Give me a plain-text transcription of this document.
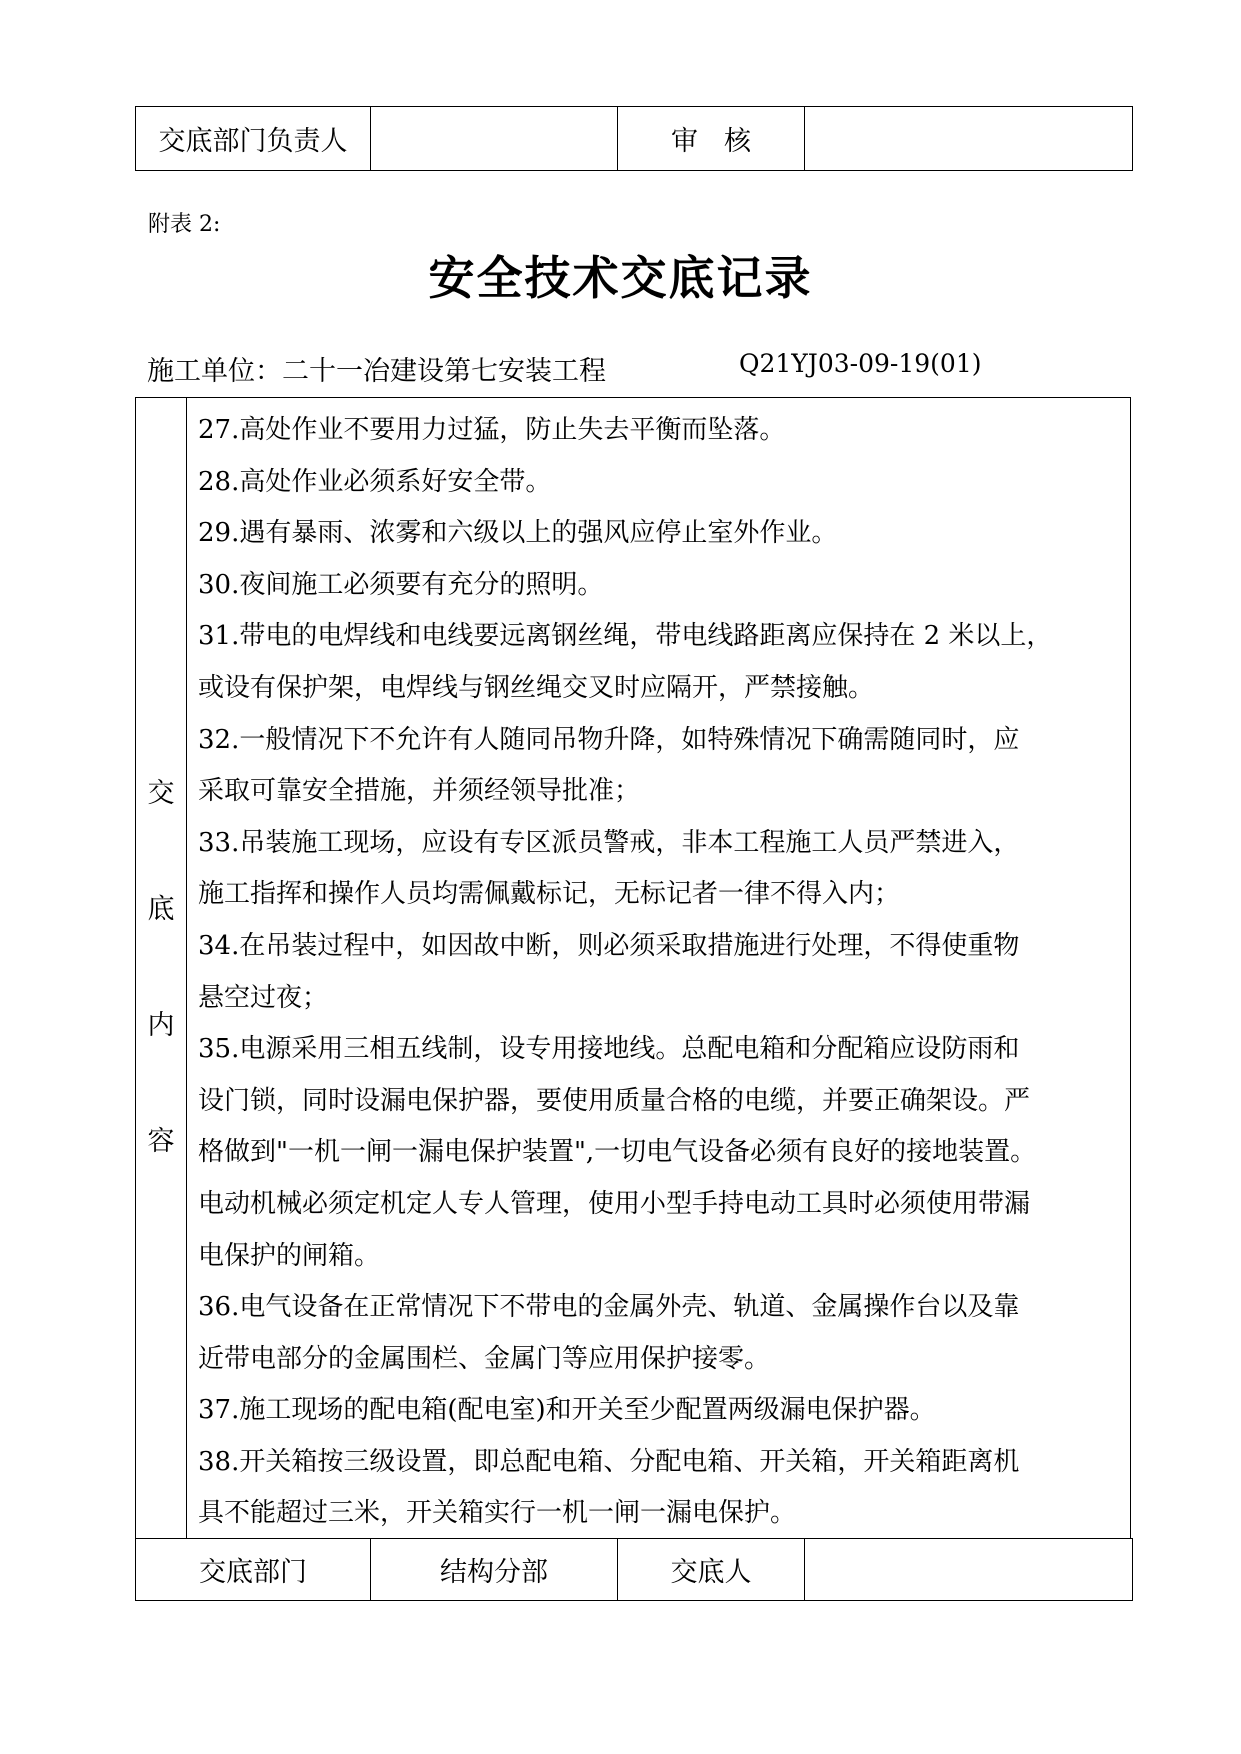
交底部门负责人		审核	
附表 2:
安全技术交底记录
施工单位：二十一冶建设第七安装工程	Q21YJ03-09-19(01)
交
底
内
容
27.高处作业不要用力过猛，防止失去平衡而坠落。
28.高处作业必须系好安全带。
29.遇有暴雨、浓雾和六级以上的强风应停止室外作业。
30.夜间施工必须要有充分的照明。
31.带电的电焊线和电线要远离钢丝绳，带电线路距离应保持在 2 米以上，
或设有保护架，电焊线与钢丝绳交叉时应隔开，严禁接触。
32.一般情况下不允许有人随同吊物升降，如特殊情况下确需随同时，应
采取可靠安全措施，并须经领导批准；
33.吊装施工现场，应设有专区派员警戒，非本工程施工人员严禁进入，
施工指挥和操作人员均需佩戴标记，无标记者一律不得入内；
34.在吊装过程中，如因故中断，则必须采取措施进行处理，不得使重物
悬空过夜；
35.电源采用三相五线制，设专用接地线。总配电箱和分配箱应设防雨和
设门锁，同时设漏电保护器，要使用质量合格的电缆，并要正确架设。严
格做到"一机一闸一漏电保护装置",一切电气设备必须有良好的接地装置。
电动机械必须定机定人专人管理，使用小型手持电动工具时必须使用带漏
电保护的闸箱。
36.电气设备在正常情况下不带电的金属外壳、轨道、金属操作台以及靠
近带电部分的金属围栏、金属门等应用保护接零。
37.施工现场的配电箱(配电室)和开关至少配置两级漏电保护器。
38.开关箱按三级设置，即总配电箱、分配电箱、开关箱，开关箱距离机
具不能超过三米，开关箱实行一机一闸一漏电保护。
交底部门	结构分部	交底人	
